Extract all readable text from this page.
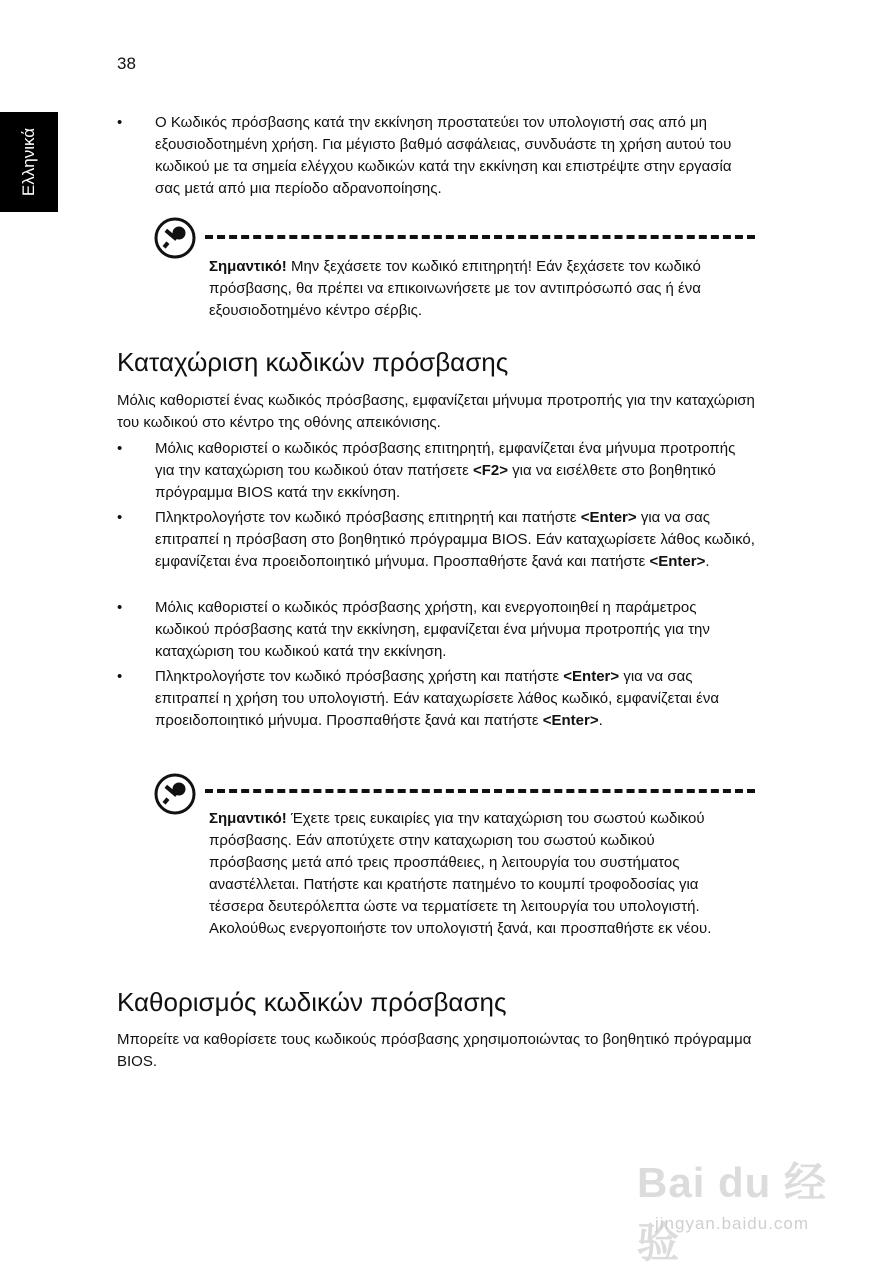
38
Ελληνικά
• Ο Κωδικός πρόσβασης κατά την εκκίνηση προστατεύει τον υπολογιστή σας από μη εξουσιοδοτημένη χρήση. Για μέγιστο βαθμό ασφάλειας, συνδυάστε τη χρήση αυτού του κωδικού με τα σημεία ελέγχου κωδικών κατά την εκκίνηση και επιστρέψτε στην εργασία σας μετά από μια περίοδο αδρανοποίησης.
Σημαντικό! Μην ξεχάσετε τον κωδικό επιτηρητή! Εάν ξεχάσετε τον κωδικό πρόσβασης, θα πρέπει να επικοινωνήσετε με τον αντιπρόσωπό σας ή ένα εξουσιοδοτημένο κέντρο σέρβις.
Καταχώριση κωδικών πρόσβασης
Μόλις καθοριστεί ένας κωδικός πρόσβασης, εμφανίζεται μήνυμα προτροπής για την καταχώριση του κωδικού στο κέντρο της οθόνης απεικόνισης.
• Μόλις καθοριστεί ο κωδικός πρόσβασης επιτηρητή, εμφανίζεται ένα μήνυμα προτροπής για την καταχώριση του κωδικού όταν πατήσετε <F2> για να εισέλθετε στο βοηθητικό πρόγραμμα BIOS κατά την εκκίνηση.
• Πληκτρολογήστε τον κωδικό πρόσβασης επιτηρητή και πατήστε <Enter> για να σας επιτραπεί η πρόσβαση στο βοηθητικό πρόγραμμα BIOS. Εάν καταχωρίσετε λάθος κωδικό, εμφανίζεται ένα προειδοποιητικό μήνυμα. Προσπαθήστε ξανά και πατήστε <Enter>.
• Μόλις καθοριστεί ο κωδικός πρόσβασης χρήστη, και ενεργοποιηθεί η παράμετρος κωδικού πρόσβασης κατά την εκκίνηση, εμφανίζεται ένα μήνυμα προτροπής για την καταχώριση του κωδικού κατά την εκκίνηση.
• Πληκτρολογήστε τον κωδικό πρόσβασης χρήστη και πατήστε <Enter> για να σας επιτραπεί η χρήση του υπολογιστή. Εάν καταχωρίσετε λάθος κωδικό, εμφανίζεται ένα προειδοποιητικό μήνυμα. Προσπαθήστε ξανά και πατήστε <Enter>.
Σημαντικό! Έχετε τρεις ευκαιρίες για την καταχώριση του σωστού κωδικού πρόσβασης. Εάν αποτύχετε στην καταχωριση του σωστού κωδικού πρόσβασης μετά από τρεις προσπάθειες, η λειτουργία του συστήματος αναστέλλεται. Πατήστε και κρατήστε πατημένο το κουμπί τροφοδοσίας για τέσσερα δευτερόλεπτα ώστε να τερματίσετε τη λειτουργία του υπολογιστή. Ακολούθως ενεργοποιήστε τον υπολογιστή ξανά, και προσπαθήστε εκ νέου.
Καθορισμός κωδικών πρόσβασης
Μπορείτε να καθορίσετε τους κωδικούς πρόσβασης χρησιμοποιώντας το βοηθητικό πρόγραμμα BIOS.
Bai du 经验
jingyan.baidu.com
